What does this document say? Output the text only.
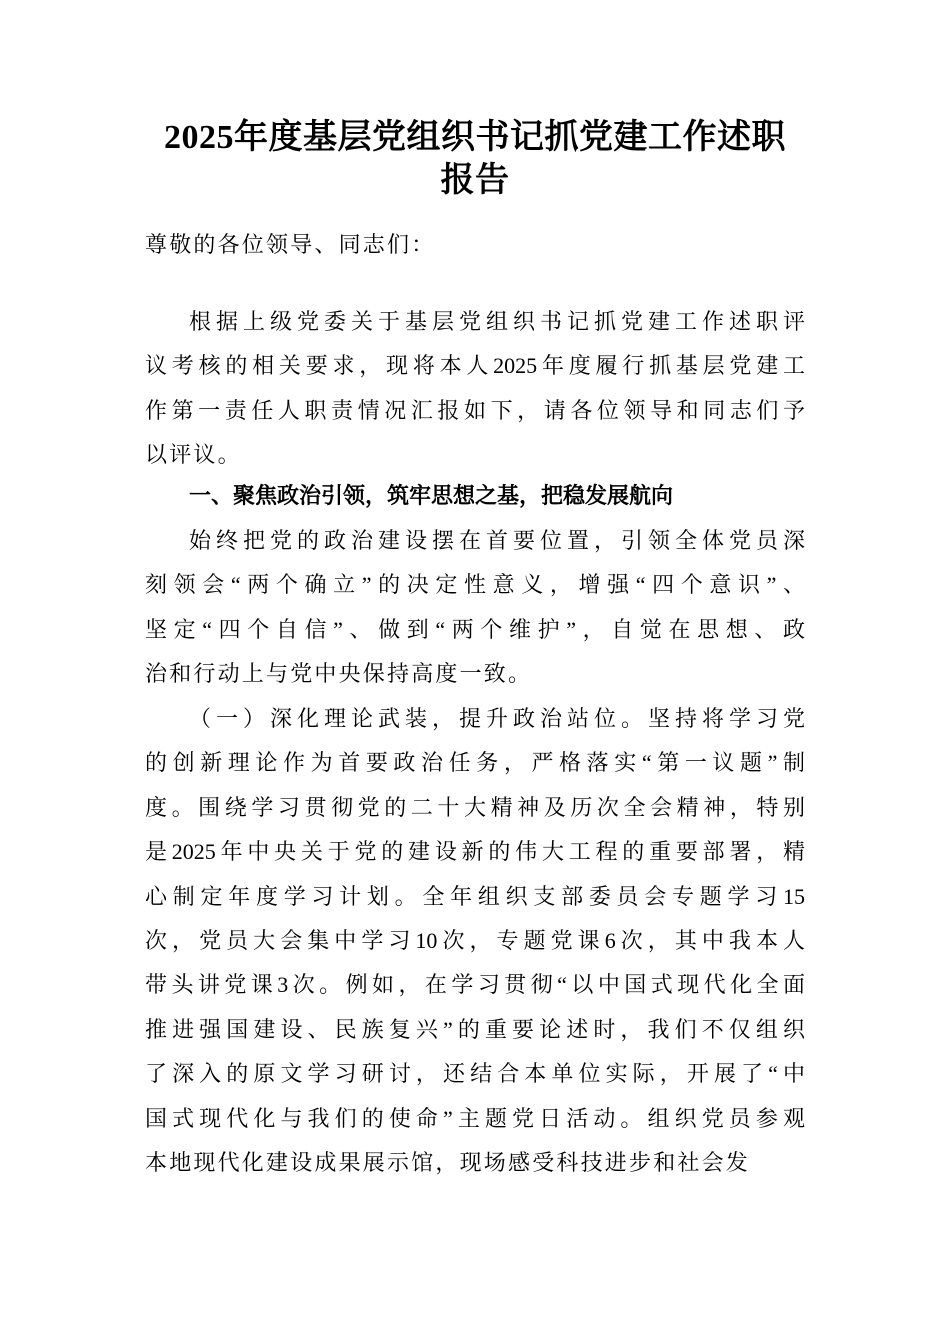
2025年度基层党组织书记抓党建工作述职
报告
尊敬的各位领导、同志们：
根据上级党委关于基层党组织书记抓党建工作述职评
议考核的相关要求，现将本人2025年度履行抓基层党建工
作第一责任人职责情况汇报如下，请各位领导和同志们予
以评议。
一、聚焦政治引领，筑牢思想之基，把稳发展航向
始终把党的政治建设摆在首要位置，引领全体党员深
刻领会“两个确立”的决定性意义，增强“四个意识”、
坚定“四个自信”、做到“两个维护”，自觉在思想、政
治和行动上与党中央保持高度一致。
（一）深化理论武装，提升政治站位。坚持将学习党
的创新理论作为首要政治任务，严格落实“第一议题”制
度。围绕学习贯彻党的二十大精神及历次全会精神，特别
是2025年中央关于党的建设新的伟大工程的重要部署，精
心制定年度学习计划。全年组织支部委员会专题学习15
次，党员大会集中学习10次，专题党课6次，其中我本人
带头讲党课3次。例如，在学习贯彻“以中国式现代化全面
推进强国建设、民族复兴”的重要论述时，我们不仅组织
了深入的原文学习研讨，还结合本单位实际，开展了“中
国式现代化与我们的使命”主题党日活动。组织党员参观
本地现代化建设成果展示馆，现场感受科技进步和社会发
